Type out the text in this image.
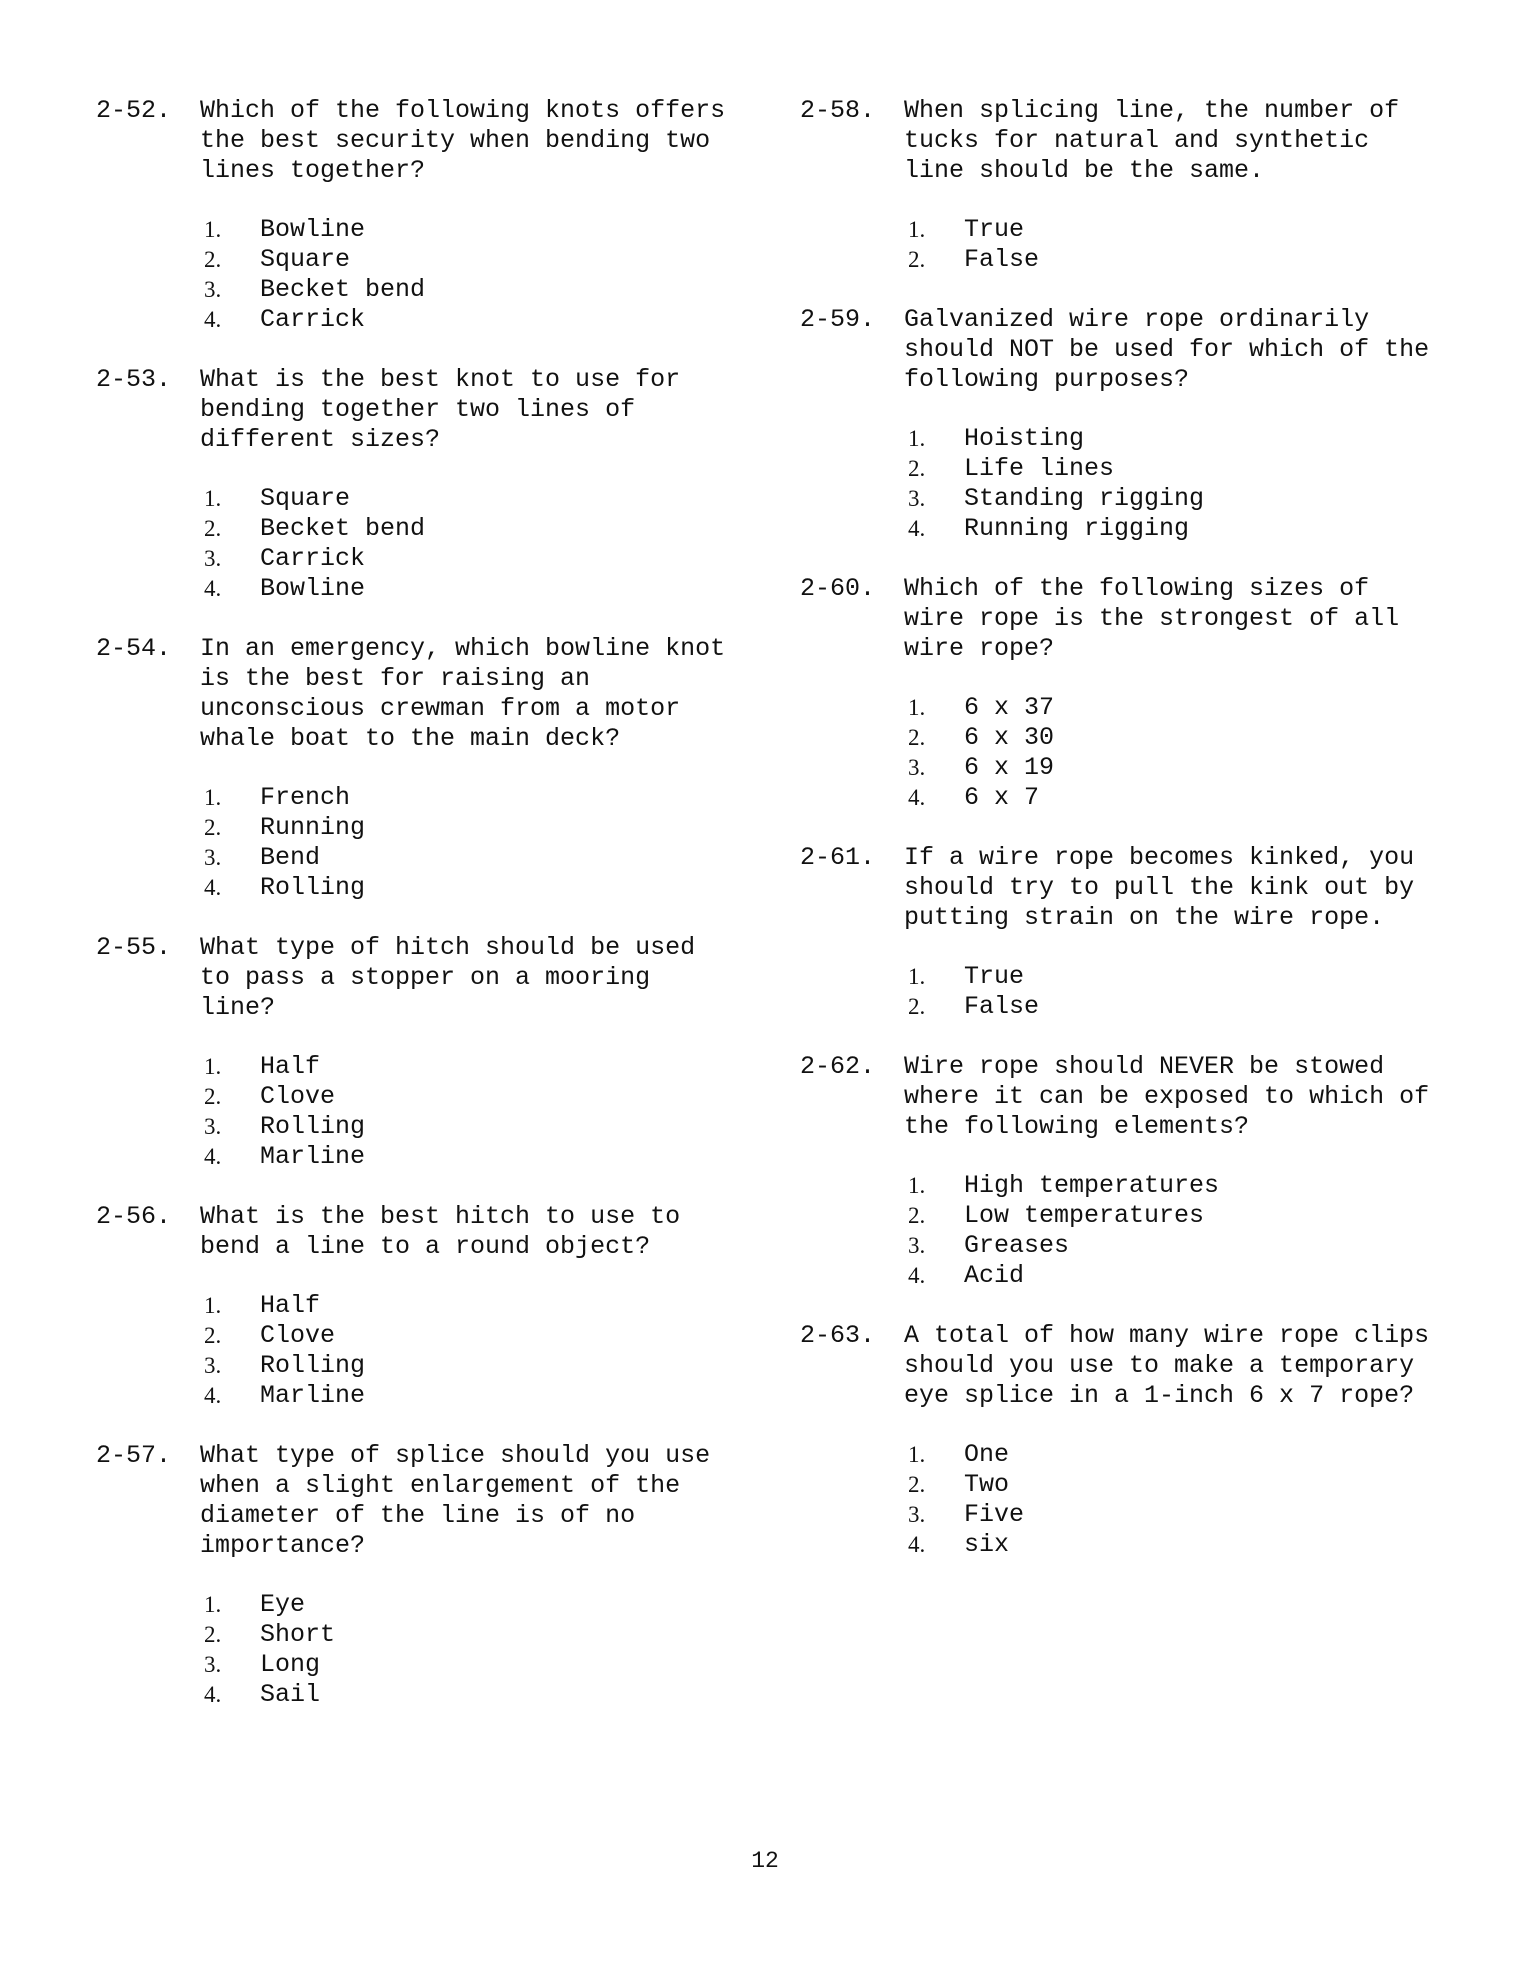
2-52. Which of the following knots offers
the best security when bending two
lines together?
1.	Bowline
2.	Square
3.	Becket bend
4.	Carrick
2-53. What is the best knot to use for
bending together two lines of
different sizes?
1.	Square
2.	Becket bend
3.	Carrick
4.	Bowline
2-54. In an emergency, which bowline knot
is the best for raising an
unconscious crewman from a motor
whale boat to the main deck?
1.	French
2.	Running
3.	Bend
4.	Rolling
2-55. What type of hitch should be used
to pass a stopper on a mooring
line?
1.	Half
2.	Clove
3.	Rolling
4.	Marline
2-56. What is the best hitch to use to
bend a line to a round object?
1.	Half
2.	Clove
3.	Rolling
4.	Marline
2-57. What type of splice should you use
when a slight enlargement of the
diameter of the line is of no
importance?
1.	Eye
2.	Short
3.	Long
4.	Sail
2-58. When splicing line, the number of
tucks for natural and synthetic
line should be the same.
1.	True
2.	False
2-59. Galvanized wire rope ordinarily
should NOT be used for which of the
following purposes?
1.	Hoisting
2.	Life lines
3.	Standing rigging
4.	Running rigging
2-60. Which of the following sizes of
wire rope is the strongest of all
wire rope?
1.	6 x 37
2.	6 x 30
3.	6 x 19
4.	6 x 7
2-61. If a wire rope becomes kinked, you
should try to pull the kink out by
putting strain on the wire rope.
1.	True
2.	False
2-62. Wire rope should NEVER be stowed
where it can be exposed to which of
the following elements?
1.	High temperatures
2.	Low temperatures
3.	Greases
4.	Acid
2-63. A total of how many wire rope clips
should you use to make a temporary
eye splice in a 1-inch 6 x 7 rope?
1.	One
2.	Two
3.	Five
4.	six
12
